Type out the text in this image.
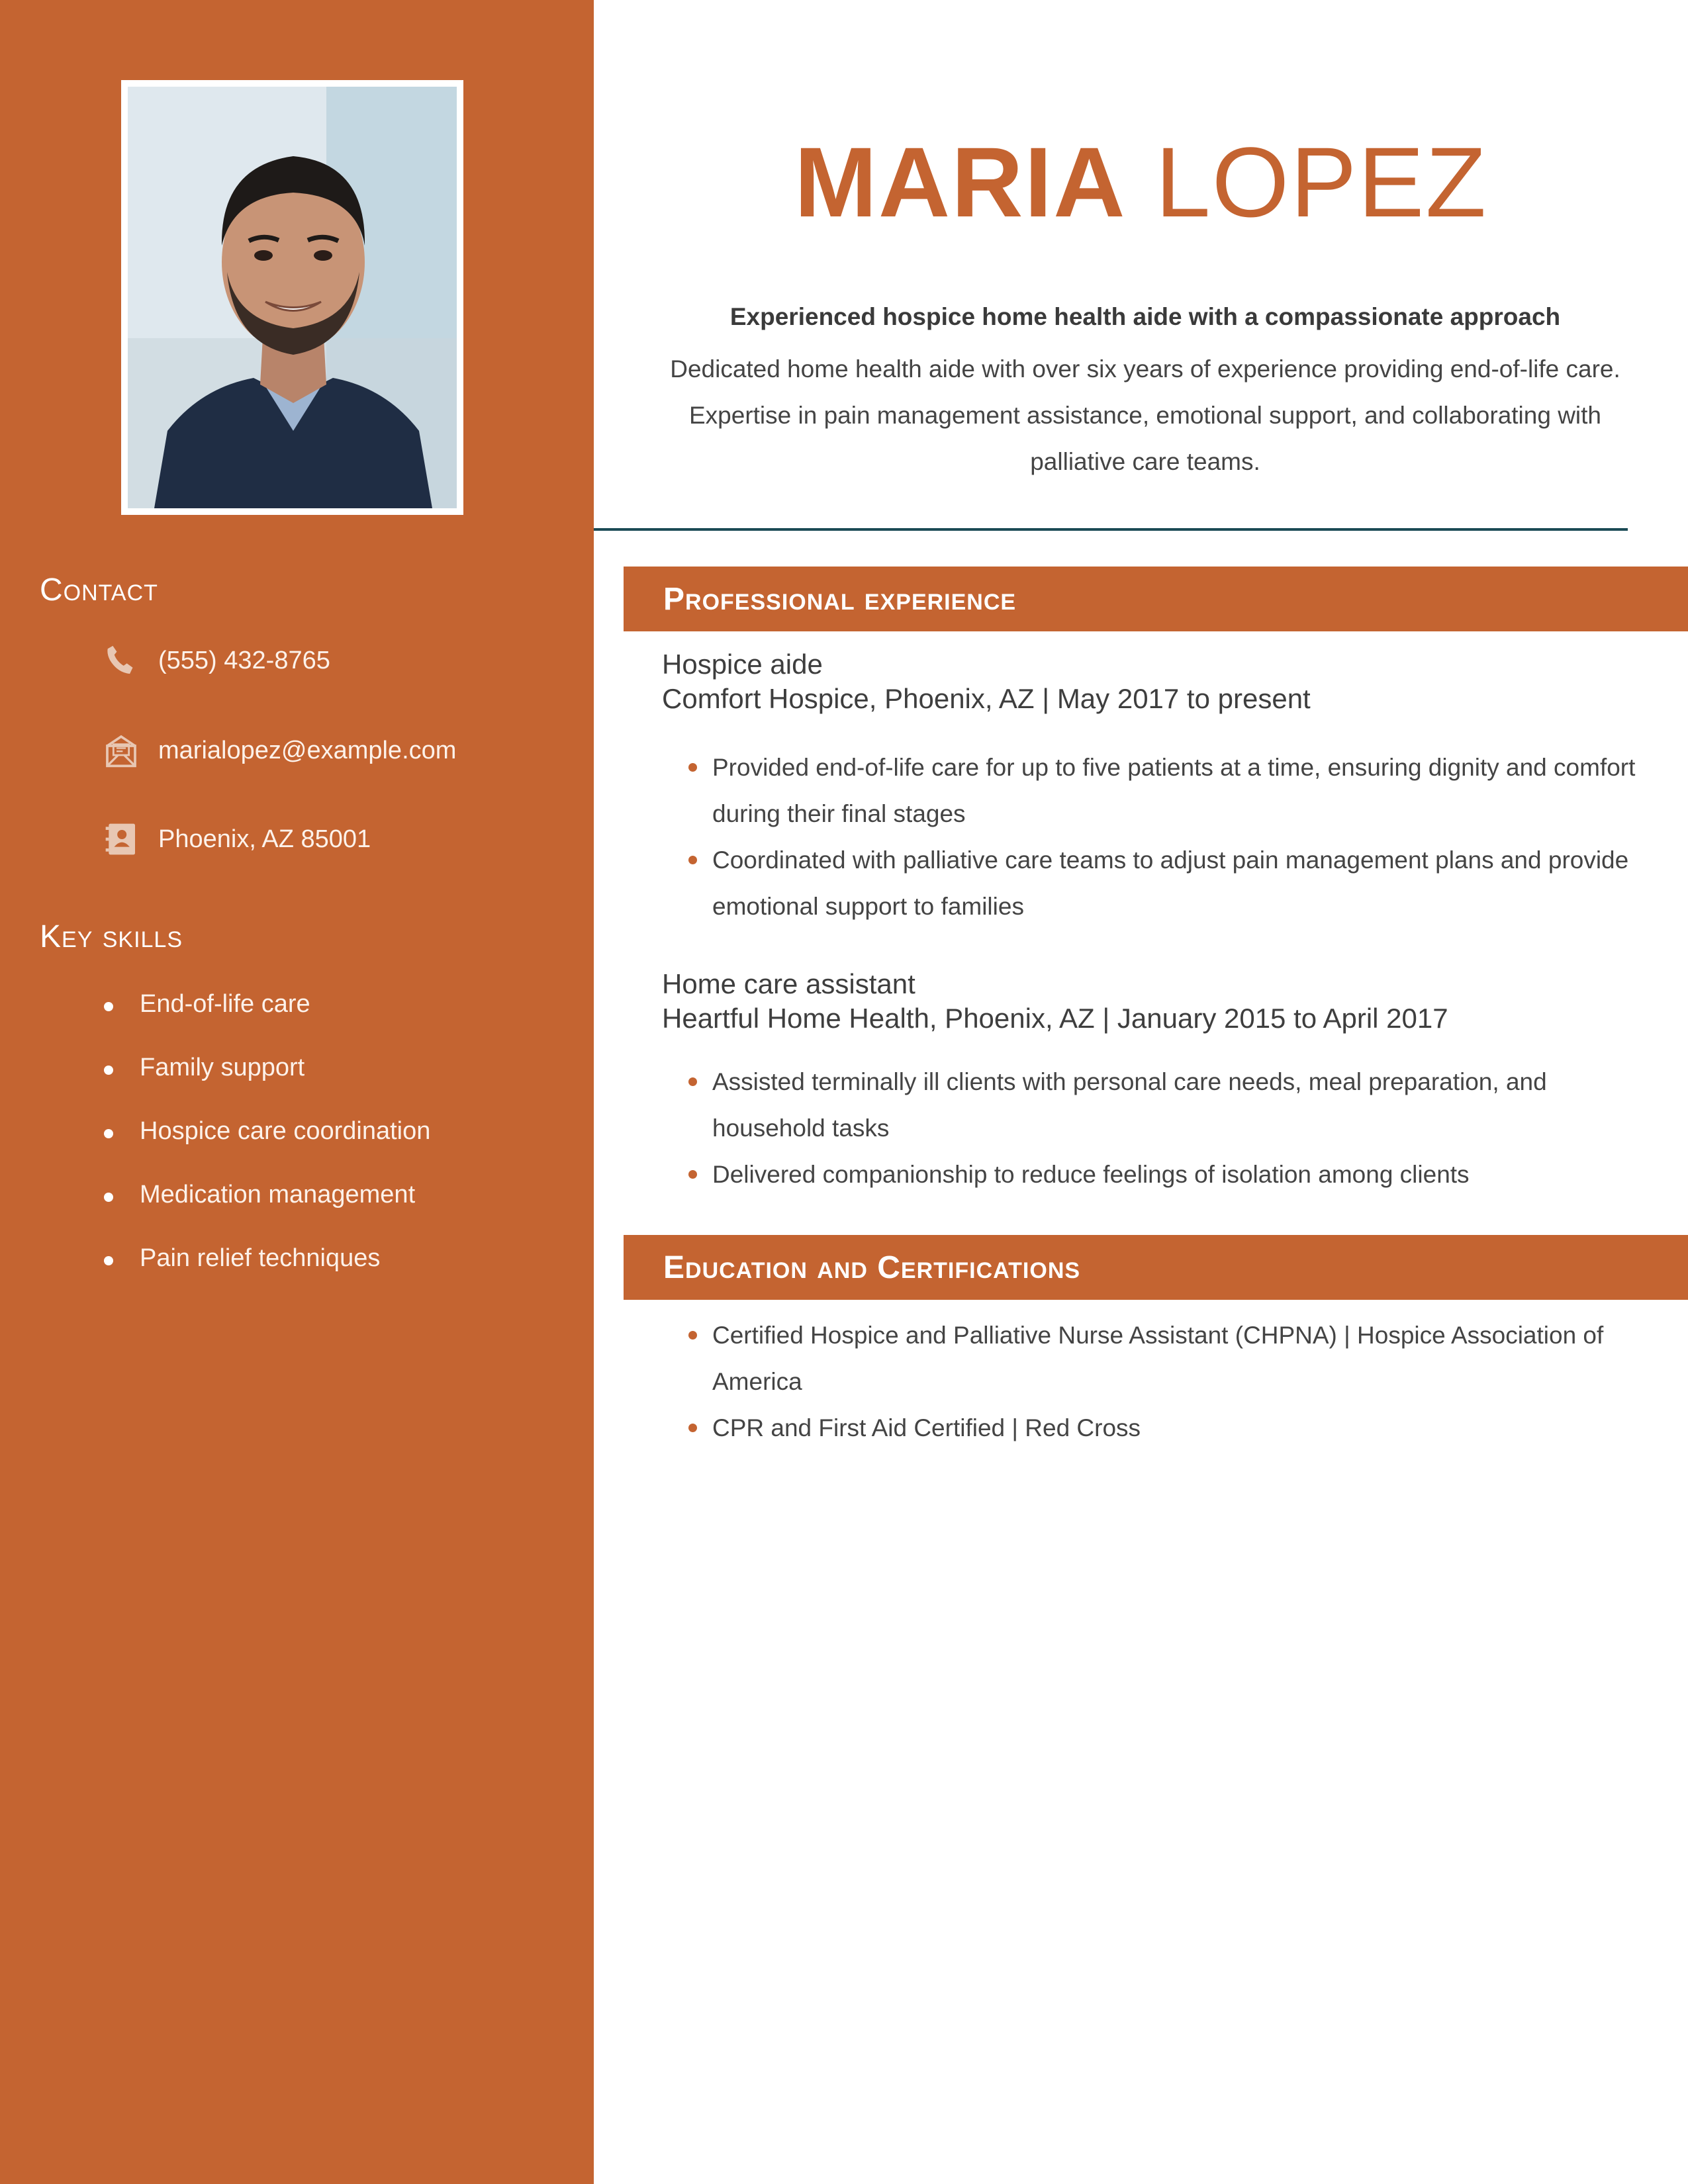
Contact
(555) 432-8765
marialopez@example.com
Phoenix, AZ 85001
Key skills
End-of-life care
Family support
Hospice care coordination
Medication management
Pain relief techniques
MARIA LOPEZ
Experienced hospice home health aide with a compassionate approach
Dedicated home health aide with over six years of experience providing end-of-life care. Expertise in pain management assistance, emotional support, and collaborating with palliative care teams.
Professional experience
Hospice aide
Comfort Hospice, Phoenix, AZ | May 2017 to present
Provided end-of-life care for up to five patients at a time, ensuring dignity and comfort during their final stages
Coordinated with palliative care teams to adjust pain management plans and provide emotional support to families
Home care assistant
Heartful Home Health, Phoenix, AZ | January 2015 to April 2017
Assisted terminally ill clients with personal care needs, meal preparation, and household tasks
Delivered companionship to reduce feelings of isolation among clients
Education and Certifications
Certified Hospice and Palliative Nurse Assistant (CHPNA) | Hospice Association of America
CPR and First Aid Certified | Red Cross
